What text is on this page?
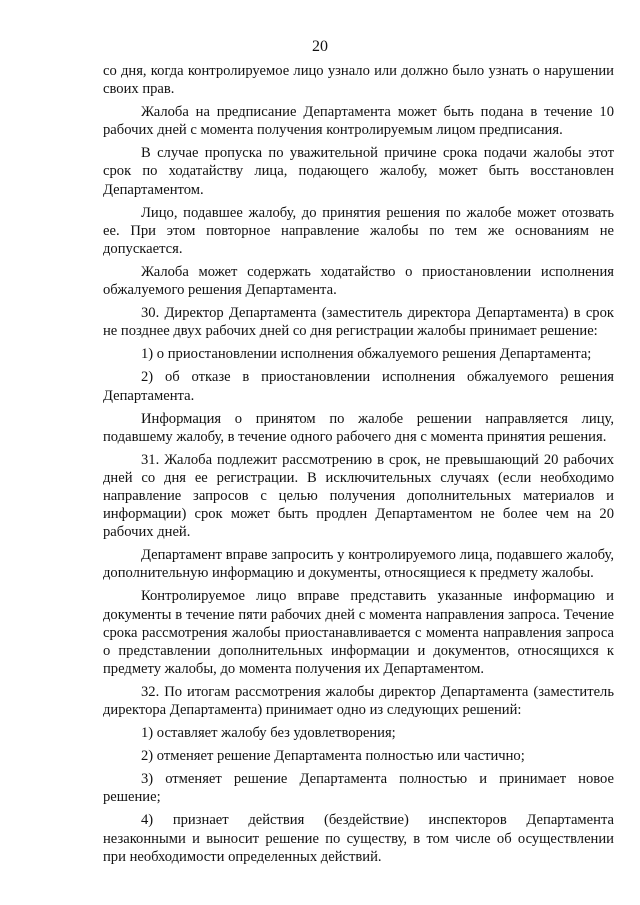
20

со дня, когда контролируемое лицо узнало или должно было узнать о нарушении своих прав.

Жалоба на предписание Департамента может быть подана в течение 10 рабочих дней с момента получения контролируемым лицом предписания.

В случае пропуска по уважительной причине срока подачи жалобы этот срок по ходатайству лица, подающего жалобу, может быть восстановлен Департаментом.

Лицо, подавшее жалобу, до принятия решения по жалобе может отозвать ее. При этом повторное направление жалобы по тем же основаниям не допускается.

Жалоба может содержать ходатайство о приостановлении исполнения обжалуемого решения Департамента.

30. Директор Департамента (заместитель директора Департамента) в срок не позднее двух рабочих дней со дня регистрации жалобы принимает решение:

1) о приостановлении исполнения обжалуемого решения Департамента;

2) об отказе в приостановлении исполнения обжалуемого решения Департамента.

Информация о принятом по жалобе решении направляется лицу, подавшему жалобу, в течение одного рабочего дня с момента принятия решения.

31. Жалоба подлежит рассмотрению в срок, не превышающий 20 рабочих дней со дня ее регистрации. В исключительных случаях (если необходимо направление запросов с целью получения дополнительных материалов и информации) срок может быть продлен Департаментом не более чем на 20 рабочих дней.

Департамент вправе запросить у контролируемого лица, подавшего жалобу, дополнительную информацию и документы, относящиеся к предмету жалобы.

Контролируемое лицо вправе представить указанные информацию и документы в течение пяти рабочих дней с момента направления запроса. Течение срока рассмотрения жалобы приостанавливается с момента направления запроса о представлении дополнительных информации и документов, относящихся к предмету жалобы, до момента получения их Департаментом.

32. По итогам рассмотрения жалобы директор Департамента (заместитель директора Департамента) принимает одно из следующих решений:

1) оставляет жалобу без удовлетворения;

2) отменяет решение Департамента полностью или частично;

3) отменяет решение Департамента полностью и принимает новое решение;

4) признает действия (бездействие) инспекторов Департамента незаконными и выносит решение по существу, в том числе об осуществлении при необходимости определенных действий.
